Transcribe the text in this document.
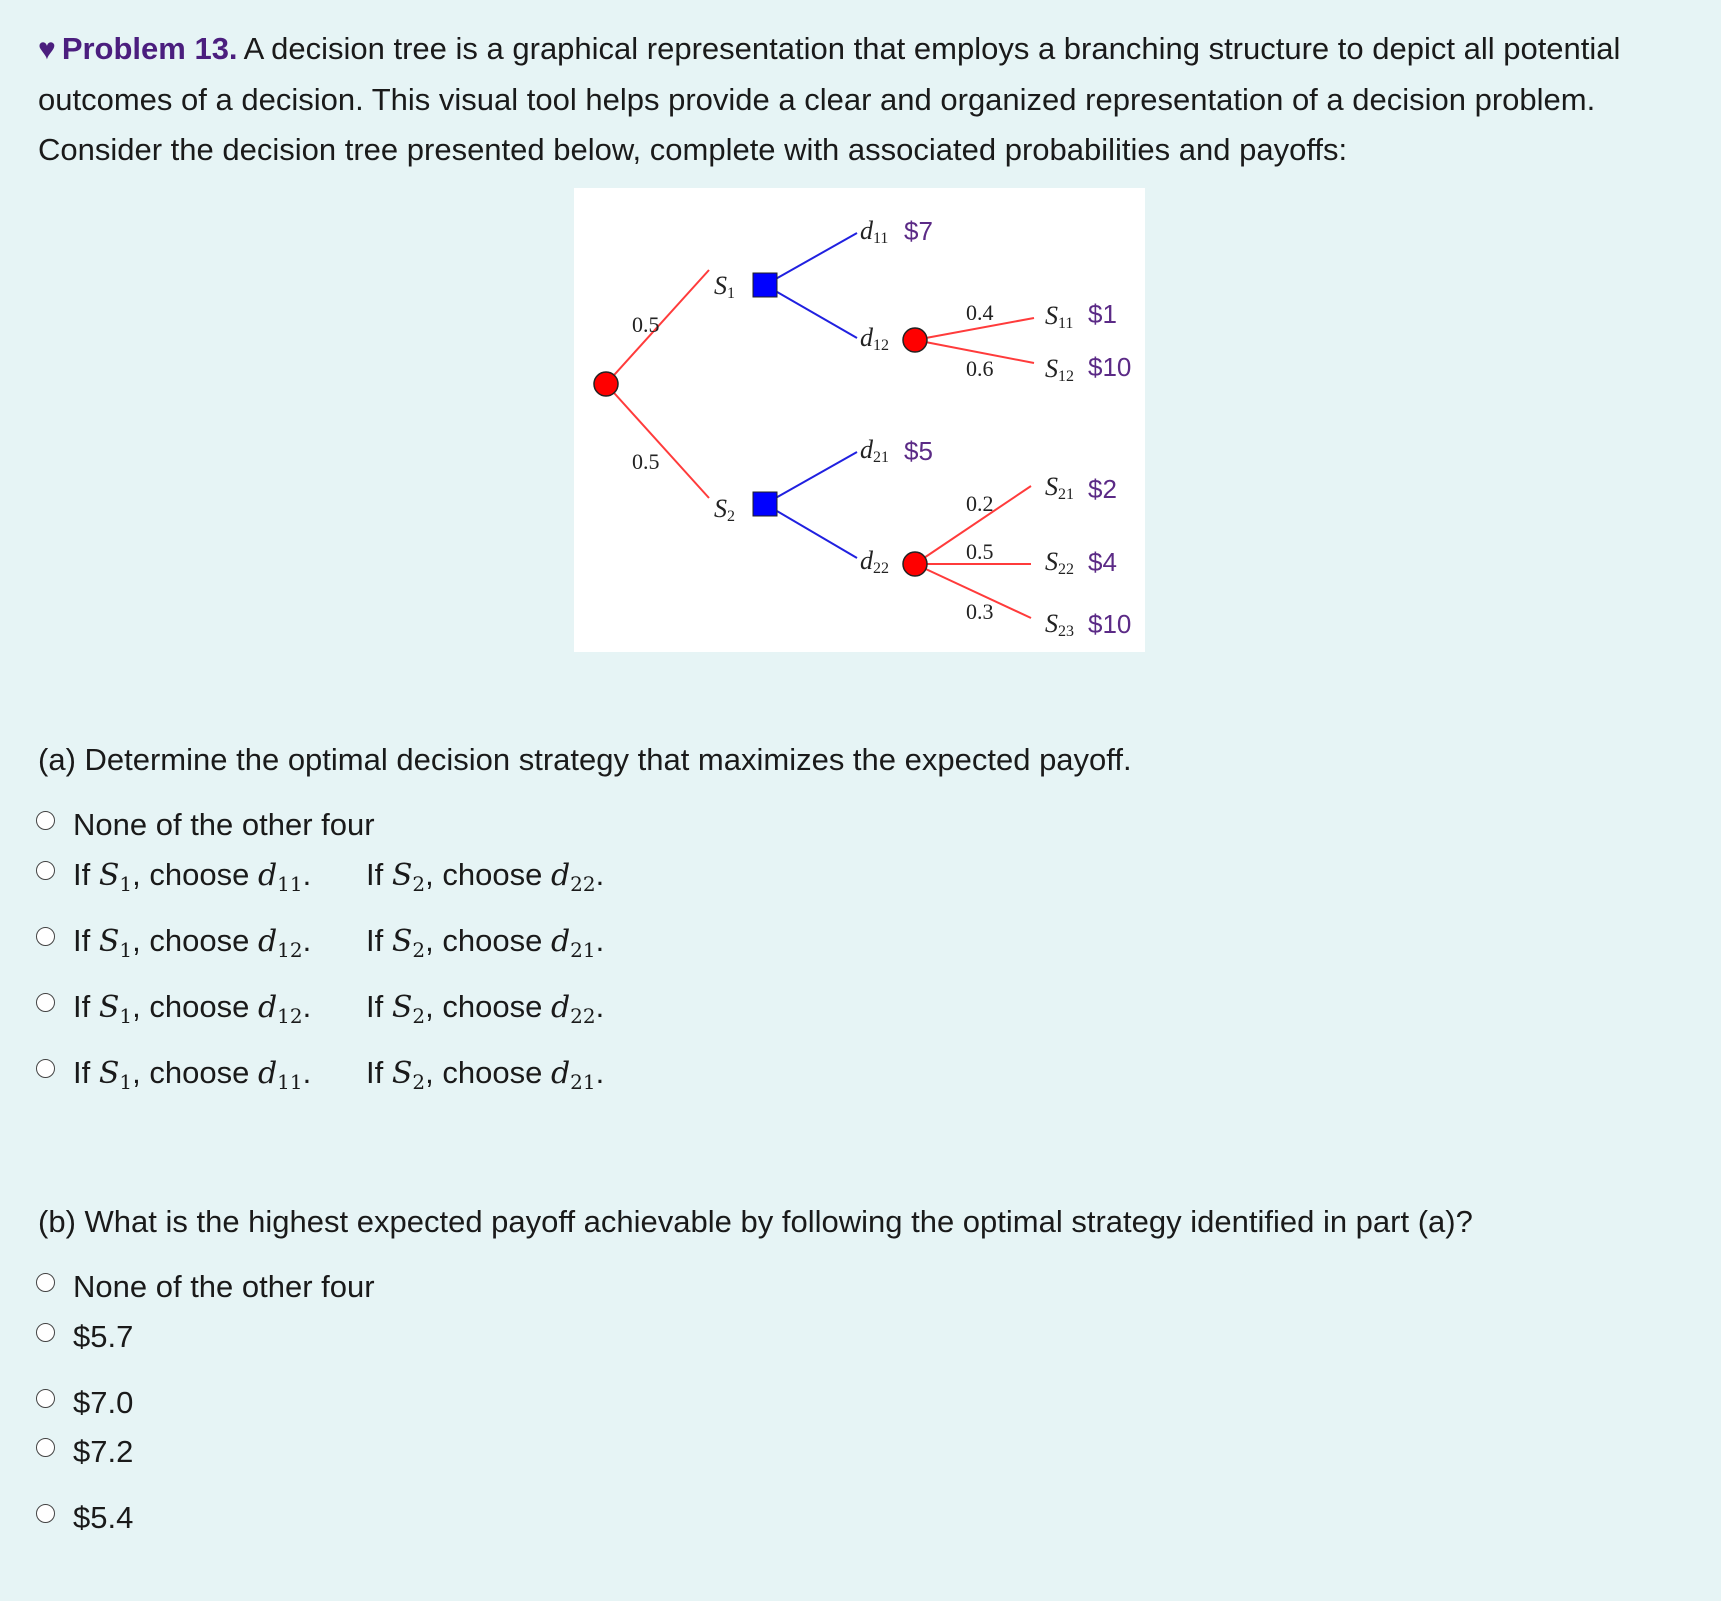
♥ Problem 13. A decision tree is a graphical representation that employs a branching structure to depict all potential outcomes of a decision. This visual tool helps provide a clear and organized representation of a decision problem. Consider the decision tree presented below, complete with associated probabilities and payoffs:
0.5
0.5
S1
S2
d11 $7
d12
d21 $5
d22
0.4
0.6
0.2
0.5
0.3
S11 $1
S12 $10
S21 $2
S22 $4
S23 $10
(a) Determine the optimal decision strategy that maximizes the expected payoff.
None of the other four
If $S_1$, choose $d_{11}$. If $S_2$, choose $d_{22}$.
If $S_1$, choose $d_{12}$. If $S_2$, choose $d_{21}$.
If $S_1$, choose $d_{12}$. If $S_2$, choose $d_{22}$.
If $S_1$, choose $d_{11}$. If $S_2$, choose $d_{21}$.
(b) What is the highest expected payoff achievable by following the optimal strategy identified in part (a)?
None of the other four
$5.7
$7.0
$7.2
$5.4
